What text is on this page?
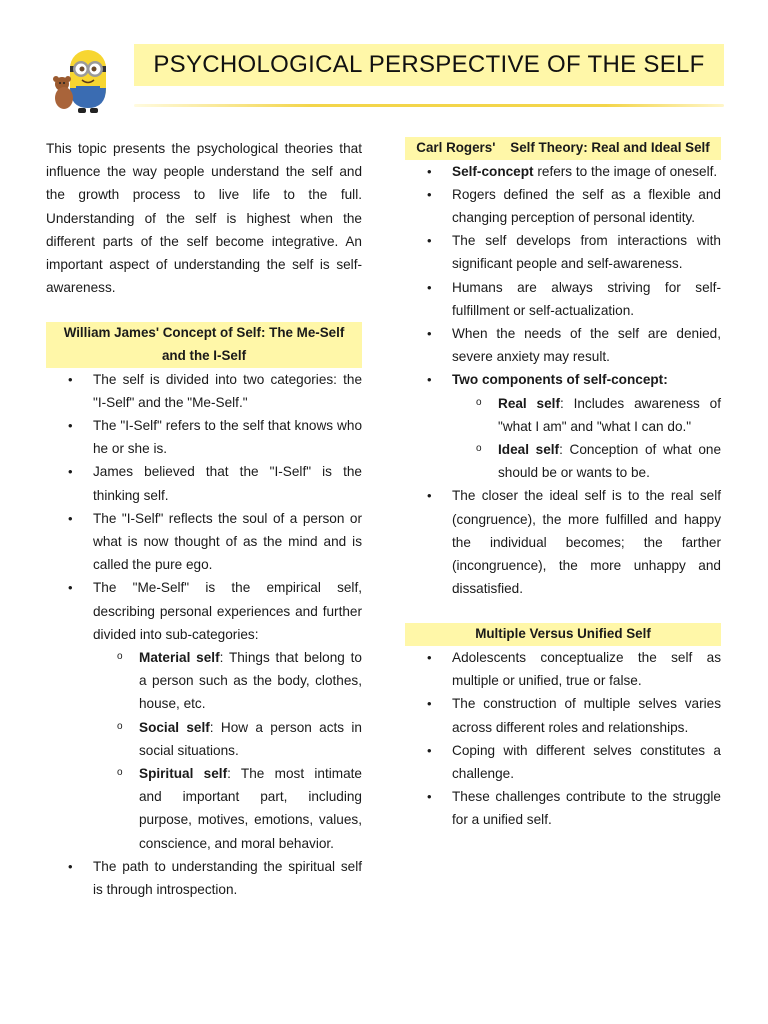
PSYCHOLOGICAL PERSPECTIVE OF THE SELF

This topic presents the psychological theories that influence the way people understand the self and the growth process to live life to the full. Understanding of the self is highest when the different parts of the self become integrative. An important aspect of understanding the self is self-awareness.

William James' Concept of Self: The Me-Self and the I-Self
• The self is divided into two categories: the "I-Self" and the "Me-Self."
• The "I-Self" refers to the self that knows who he or she is.
• James believed that the "I-Self" is the thinking self.
• The "I-Self" reflects the soul of a person or what is now thought of as the mind and is called the pure ego.
• The "Me-Self" is the empirical self, describing personal experiences and further divided into sub-categories:
o Material self: Things that belong to a person such as the body, clothes, house, etc.
o Social self: How a person acts in social situations.
o Spiritual self: The most intimate and important part, including purpose, motives, emotions, values, conscience, and moral behavior.
• The path to understanding the spiritual self is through introspection.
Carl Rogers'    Self Theory: Real and Ideal Self
• Self-concept refers to the image of oneself.
• Rogers defined the self as a flexible and changing perception of personal identity.
• The self develops from interactions with significant people and self-awareness.
• Humans are always striving for self-fulfillment or self-actualization.
• When the needs of the self are denied, severe anxiety may result.
• Two components of self-concept:
o Real self: Includes awareness of "what I am" and "what I can do."
o Ideal self: Conception of what one should be or wants to be.
• The closer the ideal self is to the real self (congruence), the more fulfilled and happy the individual becomes; the farther (incongruence), the more unhappy and dissatisfied.
Multiple Versus Unified Self
• Adolescents conceptualize the self as multiple or unified, true or false.
• The construction of multiple selves varies across different roles and relationships.
• Coping with different selves constitutes a challenge.
• These challenges contribute to the struggle for a unified self.
